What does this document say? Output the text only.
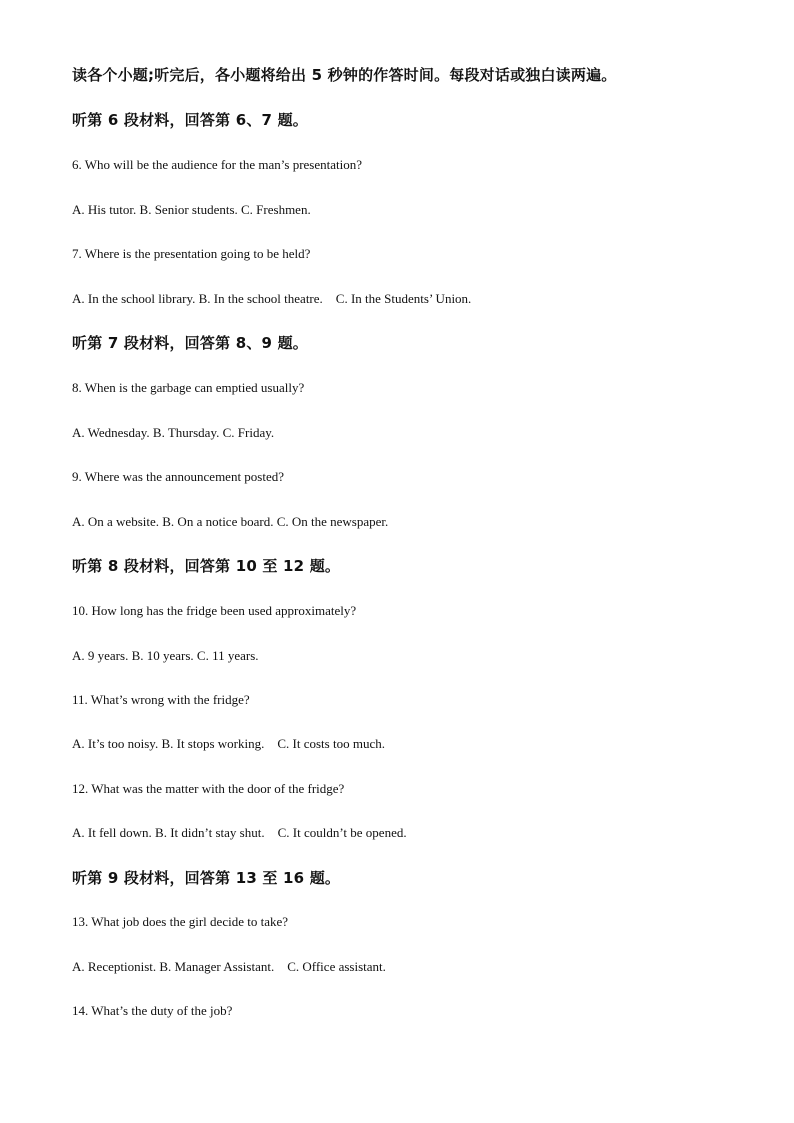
读各个小题;听完后，各小题将给出 5 秒钟的作答时间。每段对话或独白读两遍。
听第 6 段材料，回答第 6、7 题。
6. Who will be the audience for the man’s presentation?
A. His tutor. B. Senior students. C. Freshmen.
7. Where is the presentation going to be held?
A. In the school library. B. In the school theatre.    C. In the Students’ Union.
听第 7 段材料，回答第 8、9 题。
8. When is the garbage can emptied usually?
A. Wednesday. B. Thursday. C. Friday.
9. Where was the announcement posted?
A. On a website. B. On a notice board. C. On the newspaper.
听第 8 段材料，回答第 10 至 12 题。
10. How long has the fridge been used approximately?
A. 9 years. B. 10 years. C. 11 years.
11. What’s wrong with the fridge?
A. It’s too noisy. B. It stops working.    C. It costs too much.
12. What was the matter with the door of the fridge?
A. It fell down. B. It didn’t stay shut.    C. It couldn’t be opened.
听第 9 段材料，回答第 13 至 16 题。
13. What job does the girl decide to take?
A. Receptionist. B. Manager Assistant.    C. Office assistant.
14. What’s the duty of the job?
